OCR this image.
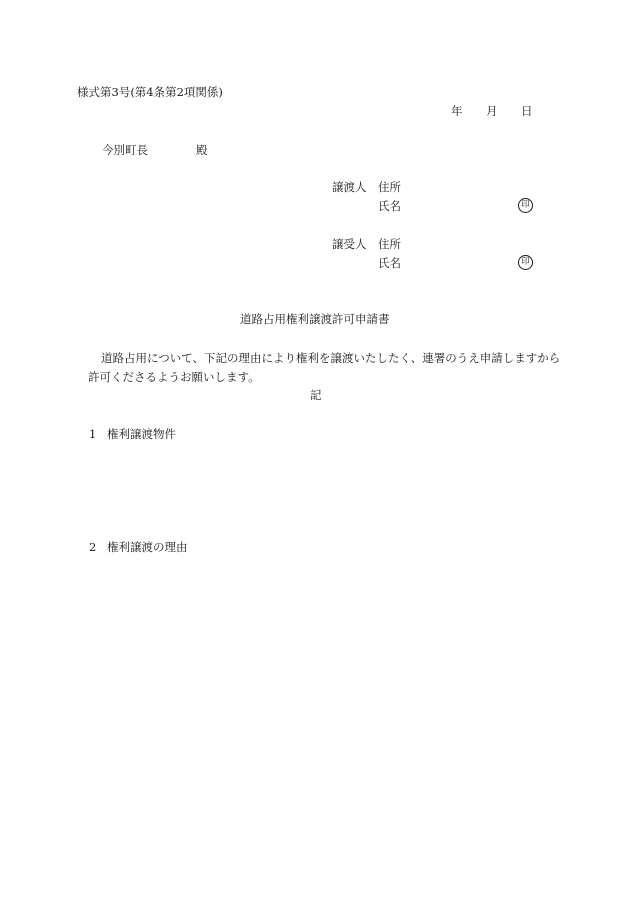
様式第3号(第4条第2項関係)
年 月 日
今別町長	殿
譲渡人 住所
氏名	印
譲受人 住所
氏名	印
道路占用権利譲渡許可申請書
道路占用について、下記の理由により権利を譲渡いたしたく、連署のうえ申請しますから許可くださるようお願いします。
記
1 権利譲渡物件
2 権利譲渡の理由
